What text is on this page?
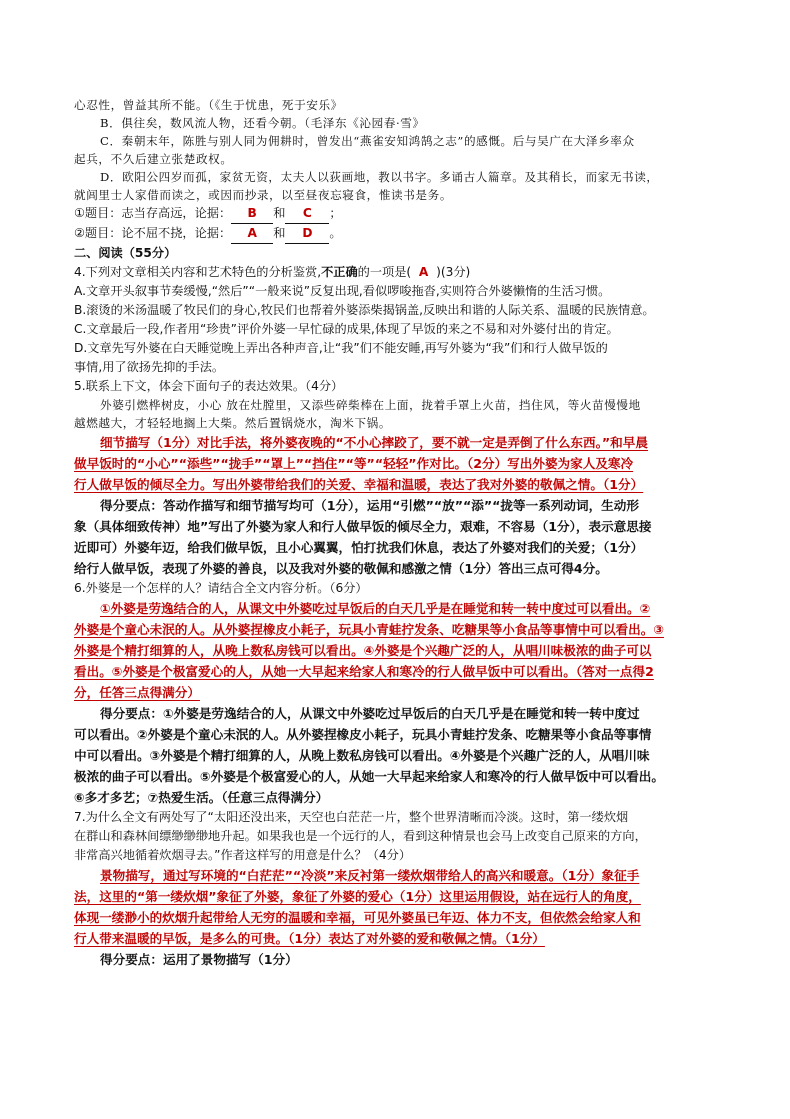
心忍性，曾益其所不能。（《生于忧患，死于安乐》
B．俱往矣，数风流人物，还看今朝。（毛泽东《沁园春·雪》
C．秦朝末年，陈胜与别人同为佣耕时，曾发出“燕雀安知鸿鹄之志”的感慨。后与吴广在大泽乡率众
起兵，不久后建立张楚政权。
D．欧阳公四岁而孤，家贫无资，太夫人以荻画地，教以书字。多诵古人篇章。及其稍长，而家无书读，
就闾里士人家借而读之，或因而抄录，以至昼夜忘寝食，惟读书是务。
①题目：志当存高远，论据： B 和 C ；
②题目：论不屈不挠，论据： A 和 D 。
二、阅读（55分）
4.下列对文章相关内容和艺术特色的分析鉴赏,不正确的一项是( A )(3分)
A.文章开头叙事节奏缓慢,“然后”“一般来说”反复出现,看似啰唆拖沓,实则符合外婆懒惰的生活习惯。
B.滚烫的米汤温暖了牧民们的身心,牧民们也帮着外婆添柴揭锅盖,反映出和谐的人际关系、温暖的民族情意。
C.文章最后一段,作者用“珍贵”评价外婆一早忙碌的成果,体现了早饭的来之不易和对外婆付出的肯定。
D.文章先写外婆在白天睡觉晚上弄出各种声音,让“我”们不能安睡,再写外婆为“我”们和行人做早饭的
事情,用了欲扬先抑的手法。
5.联系上下文，体会下面句子的表达效果。（4分）
外婆引燃桦树皮，小心 放在灶膛里，又添些碎柴棒在上面，拢着手罩上火苗，挡住风，等火苗慢慢地
越燃越大，才轻轻地搁上大柴。然后置锅烧水，淘米下锅。
细节描写（1分）对比手法，将外婆夜晚的“不小心摔跤了，要不就一定是弄倒了什么东西。”和早晨
做早饭时的“小心”“添些”“拢手”“罩上”“挡住”“等”“轻轻”作对比。（2分）写出外婆为家人及寒冷
行人做早饭的倾尽全力。写出外婆带给我们的关爱、幸福和温暖，表达了我对外婆的敬佩之情。（1分）
得分要点：答动作描写和细节描写均可（1分），运用“引燃”“放”“添”“拢等一系列动词，生动形
象（具体细致传神）地”写出了外婆为家人和行人做早饭的倾尽全力，艰难，不容易（1分），表示意思接
近即可）外婆年迈，给我们做早饭，且小心翼翼，怕打扰我们休息，表达了外婆对我们的关爱；（1分）
给行人做早饭，表现了外婆的善良，以及我对外婆的敬佩和感激之情（1分）答出三点可得4分。
6.外婆是一个怎样的人？请结合全文内容分析。（6分）
①外婆是劳逸结合的人，从课文中外婆吃过早饭后的白天几乎是在睡觉和转一转中度过可以看出。②
外婆是个童心未泯的人。从外婆捏橡皮小耗子，玩具小青蛙拧发条、吃糖果等小食品等事情中可以看出。③
外婆是个精打细算的人，从晚上数私房钱可以看出。④外婆是个兴趣广泛的人，从唱川味极浓的曲子可以
看出。⑤外婆是个极富爱心的人，从她一大早起来给家人和寒冷的行人做早饭中可以看出。（答对一点得2
分，任答三点得满分）
得分要点：①外婆是劳逸结合的人，从课文中外婆吃过早饭后的白天几乎是在睡觉和转一转中度过
可以看出。②外婆是个童心未泯的人。从外婆捏橡皮小耗子，玩具小青蛙拧发条、吃糖果等小食品等事情
中可以看出。③外婆是个精打细算的人，从晚上数私房钱可以看出。④外婆是个兴趣广泛的人，从唱川味
极浓的曲子可以看出。⑤外婆是个极富爱心的人，从她一大早起来给家人和寒冷的行人做早饭中可以看出。
⑥多才多艺；⑦热爱生活。（任意三点得满分）
7.为什么全文有两处写了“太阳还没出来，天空也白茫茫一片，整个世界清晰而冷淡。这时，第一缕炊烟
在群山和森林间缥缈缈缈地升起。如果我也是一个远行的人，看到这种情景也会马上改变自己原来的方向，
非常高兴地循着炊烟寻去。”作者这样写的用意是什么？（4分）
景物描写，通过写环境的“白茫茫”“冷淡”来反衬第一缕炊烟带给人的高兴和暖意。（1分）象征手
法，这里的“第一缕炊烟”象征了外婆，象征了外婆的爱心（1分）这里运用假设，站在远行人的角度，
体现一缕渺小的炊烟升起带给人无穷的温暖和幸福，可见外婆虽已年迈、体力不支，但依然会给家人和
行人带来温暖的早饭，是多么的可贵。（1分）表达了对外婆的爱和敬佩之情。（1分）
得分要点：运用了景物描写（1分）
